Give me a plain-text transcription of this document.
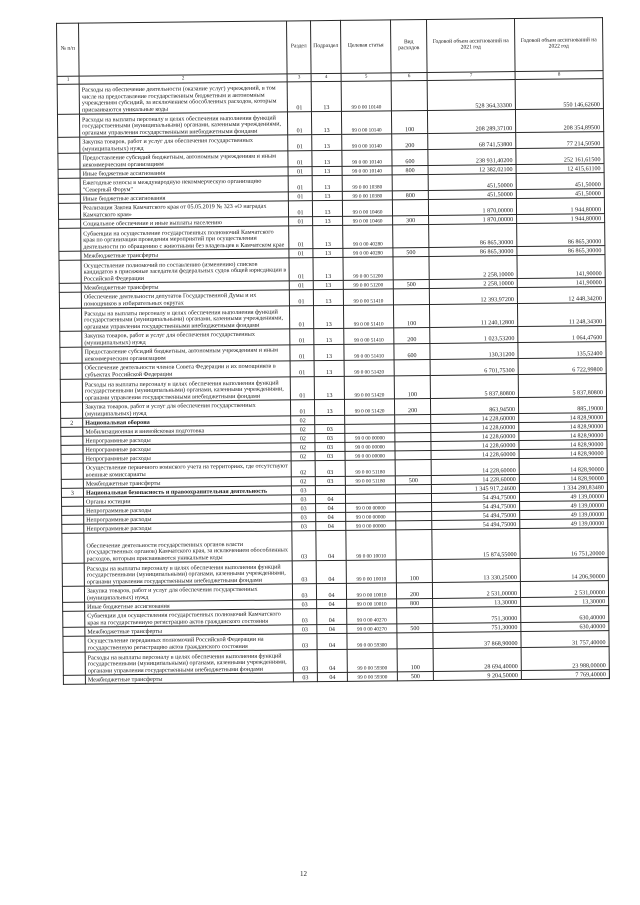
№ п/п		Раздел	Подраздел	Целевая статья	Вид расходов	Годовой объем ассигнований на 2021 год	Годовой объем ассигнований на 2022 год
1	2	3	4	5	6	7	8
	Расходы на обеспечение деятельности (оказание услуг) учреждений, в том числе на предоставление государственным бюджетным и автономным учреждениям субсидий, за исключением обособленных расходов, которым присваиваются уникальные коды	01	13	99 0 00 10140		528 364,33300	550 146,62600
	Расходы на выплаты персоналу в целях обеспечения выполнения функций государственными (муниципальными) органами, казенными учреждениями, органами управления государственными внебюджетными фондами	01	13	99 0 00 10140	100	208 289,37100	208 354,89500
	Закупка товаров, работ и услуг для обеспечения государственных (муниципальных) нужд	01	13	99 0 00 10140	200	68 741,53800	77 214,50500
	Предоставление субсидий бюджетным, автономным учреждениям и иным некоммерческим организациям	01	13	99 0 00 10140	600	238 931,40200	252 161,61500
	Иные бюджетные ассигнования	01	13	99 0 00 10140	800	12 382,02100	12 415,61100
	Ежегодные взносы в международную некоммерческую организацию "Северный Форум"	01	13	99 0 00 10380		451,50000	451,50000
	Иные бюджетные ассигнования	01	13	99 0 00 10380	800	451,50000	451,50000
	Реализация Закона Камчатского края от 05.05.2019 № 323 «О наградах Камчатского края»	01	13	99 0 00 10460		1 870,00000	1 944,80000
	Социальное обеспечение и иные выплаты населению	01	13	99 0 00 10460	300	1 870,00000	1 944,80000
	Субвенции на осуществление государственных полномочий Камчатского края по организации проведения мероприятий при осуществлении деятельности по обращению с животными без владельцев в Камчатском крае	01	13	99 0 00 40280		86 865,30000	86 865,30000
	Межбюджетные трансферты	01	13	99 0 00 40280	500	86 865,30000	86 865,30000
	Осуществление полномочий по составлению (изменению) списков кандидатов в присяжные заседатели федеральных судов общей юрисдикции в Российской Федерации	01	13	99 0 00 51200		2 258,10000	141,90000
	Межбюджетные трансферты	01	13	99 0 00 51200	500	2 258,10000	141,90000
	Обеспечение деятельности депутатов Государственной Думы и их помощников в избирательных округах	01	13	99 0 00 51410		12 393,97200	12 448,34200
	Расходы на выплаты персоналу в целях обеспечения выполнения функций государственными (муниципальными) органами, казенными учреждениями, органами управления государственными внебюджетными фондами	01	13	99 0 00 51410	100	11 240,12800	11 248,34300
	Закупка товаров, работ и услуг для обеспечения государственных (муниципальных) нужд	01	13	99 0 00 51410	200	1 023,53200	1 064,47600
	Предоставление субсидий бюджетным, автономным учреждениям и иным некоммерческим организациям	01	13	99 0 00 51410	600	130,31200	135,52400
	Обеспечение деятельности членов Совета Федерации и их помощников в субъектах Российской Федерации	01	13	99 0 00 51420		6 701,75300	6 722,99800
	Расходы на выплаты персоналу в целях обеспечения выполнения функций государственными (муниципальными) органами, казенными учреждениями, органами управления государственными внебюджетными фондами	01	13	99 0 00 51420	100	5 837,80800	5 837,80800
	Закупка товаров, работ и услуг для обеспечения государственных (муниципальных) нужд	01	13	99 0 00 51420	200	863,94500	885,19000
2	Национальная оборона	02				14 228,60000	14 828,90000
	Мобилизационная и вневойсковая подготовка	02	03			14 228,60000	14 828,90000
	Непрограммные расходы	02	03	99 0 00 00000		14 228,60000	14 828,90000
	Непрограммные расходы	02	03	99 0 00 00000		14 228,60000	14 828,90000
	Непрограммные расходы	02	03	99 0 00 00000		14 228,60000	14 828,90000
	Осуществление первичного воинского учета на территориях, где отсутствуют военные комиссариаты	02	03	99 0 00 51180		14 228,60000	14 828,90000
	Межбюджетные трансферты	02	03	99 0 00 51180	500	14 228,60000	14 828,90000
3	Национальная безопасность и правоохранительная деятельность	03				1 345 917,24600	1 334 280,83480
	Органы юстиции	03	04			54 494,75000	49 139,00000
	Непрограммные расходы	03	04	99 0 00 00000		54 494,75000	49 139,00000
	Непрограммные расходы	03	04	99 0 00 00000		54 494,75000	49 139,00000
	Непрограммные расходы	03	04	99 0 00 00000		54 494,75000	49 139,00000
	Обеспечение деятельности государственных органов власти (государственных органов) Камчатского края, за исключением обособленных расходов, которым присваиваются уникальные коды	03	04	99 0 00 10010		15 874,55000	16 751,20000
	Расходы на выплаты персоналу в целях обеспечения выполнения функций государственными (муниципальными) органами, казенными учреждениями, органами управления государственными внебюджетными фондами	03	04	99 0 00 10010	100	13 330,25000	14 206,90000
	Закупка товаров, работ и услуг для обеспечения государственных (муниципальных) нужд	03	04	99 0 00 10010	200	2 531,00000	2 531,00000
	Иные бюджетные ассигнования	03	04	99 0 00 10010	800	13,30000	13,30000
	Субвенции для осуществления государственных полномочий Камчатского края на государственную регистрацию актов гражданского состояния	03	04	99 0 00 40270		751,30000	630,40000
	Межбюджетные трансферты	03	04	99 0 00 40270	500	751,30000	630,40000
	Осуществление переданных полномочий Российской Федерации на государственную регистрацию актов гражданского состояния	03	04	99 0 00 59300		37 868,90000	31 757,40000
	Расходы на выплаты персоналу в целях обеспечения выполнения функций государственными (муниципальными) органами, казенными учреждениями, органами управления государственными внебюджетными фондами	03	04	99 0 00 59300	100	28 694,40000	23 988,00000
	Межбюджетные трансферты	03	04	99 0 00 59300	500	9 204,50000	7 769,40000
12
